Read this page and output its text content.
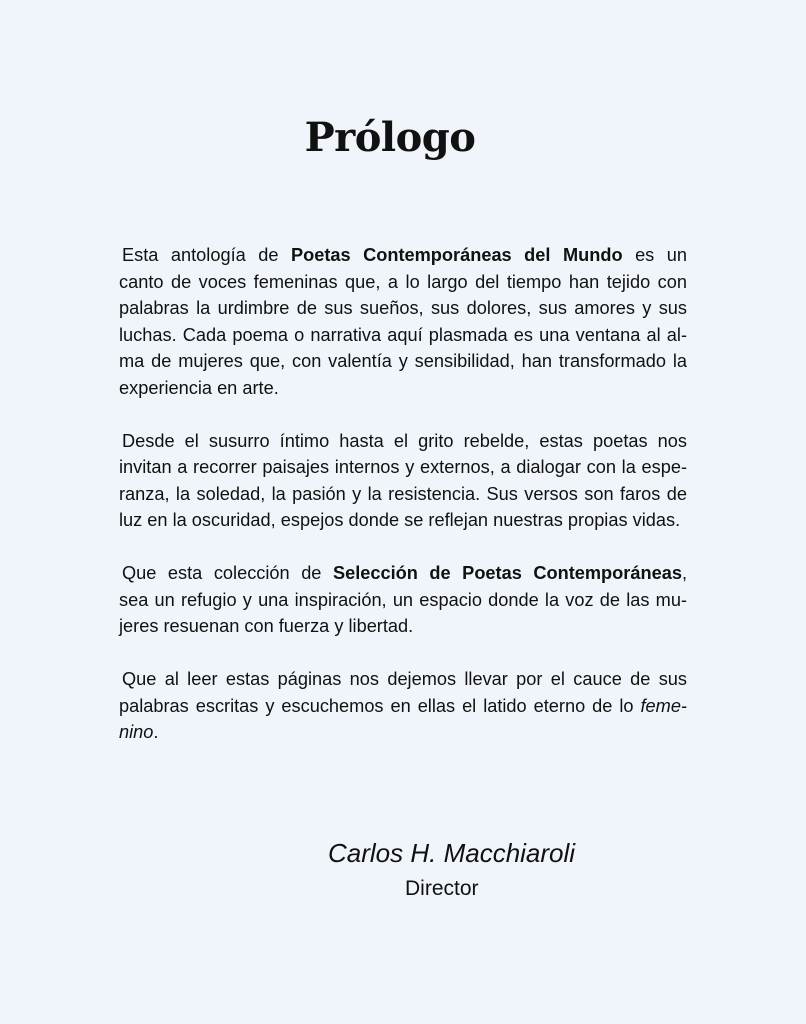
Prólogo
Esta antología de Poetas Contemporáneas del Mundo es un
canto de voces femeninas que, a lo largo del tiempo han tejido con
palabras la urdimbre de sus sueños, sus dolores, sus amores y sus
luchas. Cada poema o narrativa aquí plasmada es una ventana al al-
ma de mujeres que, con valentía y sensibilidad, han transformado la
experiencia en arte.
Desde el susurro íntimo hasta el grito rebelde, estas poetas nos
invitan a recorrer paisajes internos y externos, a dialogar con la espe-
ranza, la soledad, la pasión y la resistencia. Sus versos son faros de
luz en la oscuridad, espejos donde se reflejan nuestras propias vidas.
Que esta colección de Selección de Poetas Contemporáneas,
sea un refugio y una inspiración, un espacio donde la voz de las mu-
jeres resuenan con fuerza y libertad.
Que al leer estas páginas nos dejemos llevar por el cauce de sus
palabras escritas y escuchemos en ellas el latido eterno de lo feme-
nino.
Carlos H. Macchiaroli
Director
